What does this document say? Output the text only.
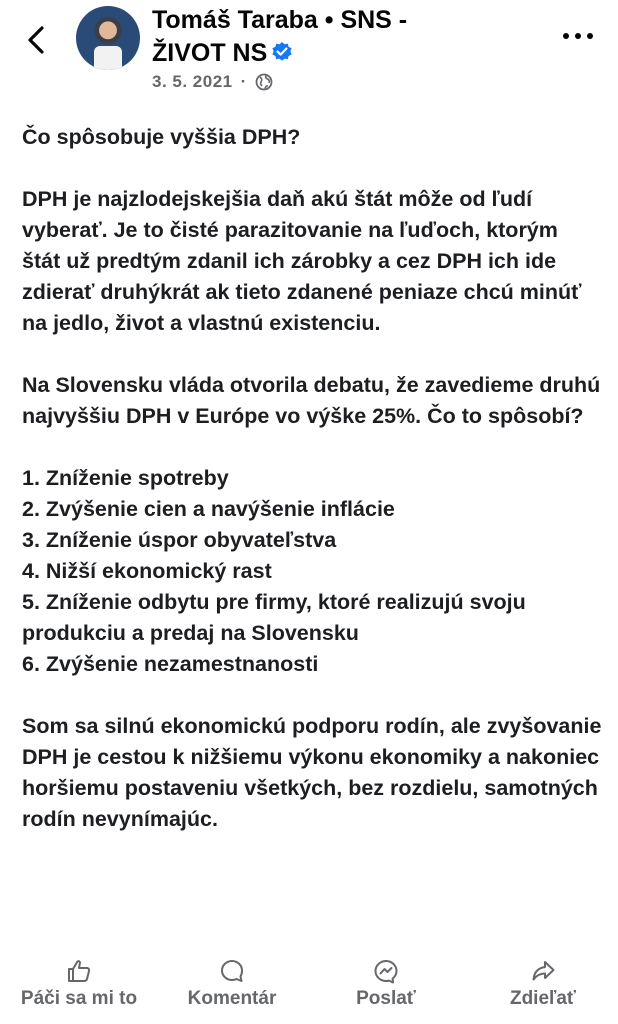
Tomáš Taraba • SNS -
ŽIVOT NS
3. 5. 2021 ·

Čo spôsobuje vyššia DPH?

DPH je najzlodejskejšia daň akú štát môže od ľudí vyberať. Je to čisté parazitovanie na ľuďoch, ktorým štát už predtým zdanil ich zárobky a cez DPH ich ide zdierať druhýkrát ak tieto zdanené peniaze chcú minúť na jedlo, život a vlastnú existenciu.

Na Slovensku vláda otvorila debatu, že zavedieme druhú najvyššiu DPH v Európe vo výške 25%. Čo to spôsobí?

1. Zníženie spotreby
2. Zvýšenie cien a navýšenie inflácie
3. Zníženie úspor obyvateľstva
4. Nižší ekonomický rast
5. Zníženie odbytu pre firmy, ktoré realizujú svoju produkciu a predaj na Slovensku
6. Zvýšenie nezamestnanosti

Som sa silnú ekonomickú podporu rodín, ale zvyšovanie DPH je cestou k nižšiemu výkonu ekonomiky a nakoniec horšiemu postaveniu všetkých, bez rozdielu, samotných rodín nevynímajúc.

Páči sa mi to	Komentár	Poslať	Zdieľať
